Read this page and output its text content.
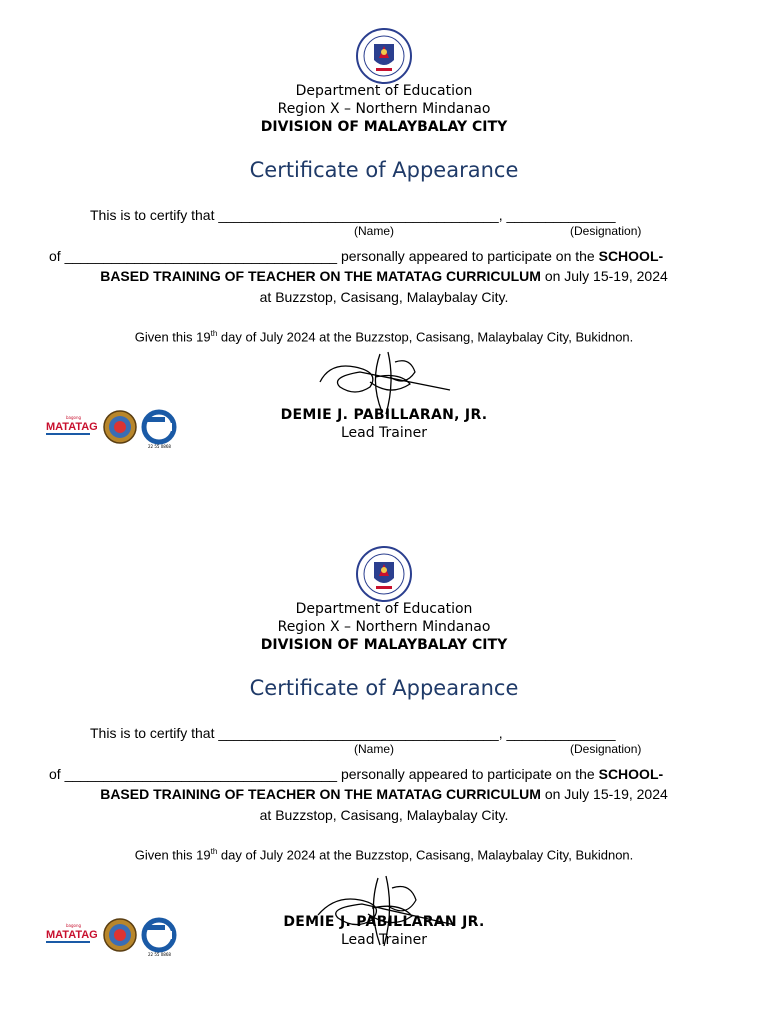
Department of Education
Region X – Northern Mindanao
DIVISION OF MALAYBALAY CITY
Certificate of Appearance
This is to certify that ____________________________________, ______________
(Name)	(Designation)
of ___________________________________ personally appeared to participate on the SCHOOL-
BASED TRAINING OF TEACHER ON THE MATATAG CURRICULUM on July 15-19, 2024
at Buzzstop, Casisang, Malaybalay City.
Given this 19th day of July 2024 at the Buzzstop, Casisang, Malaybalay City, Bukidnon.
DEMIE J. PABILLARAN, JR.
Lead Trainer
bagong
MATATAG
22 55 0868
Department of Education
Region X – Northern Mindanao
DIVISION OF MALAYBALAY CITY
Certificate of Appearance
This is to certify that ____________________________________, ______________
(Name)	(Designation)
of ___________________________________ personally appeared to participate on the SCHOOL-
BASED TRAINING OF TEACHER ON THE MATATAG CURRICULUM on July 15-19, 2024
at Buzzstop, Casisang, Malaybalay City.
Given this 19th day of July 2024 at the Buzzstop, Casisang, Malaybalay City, Bukidnon.
DEMIE J. PABILLARAN JR.
Lead Trainer
bagong
MATATAG
22 55 0868
